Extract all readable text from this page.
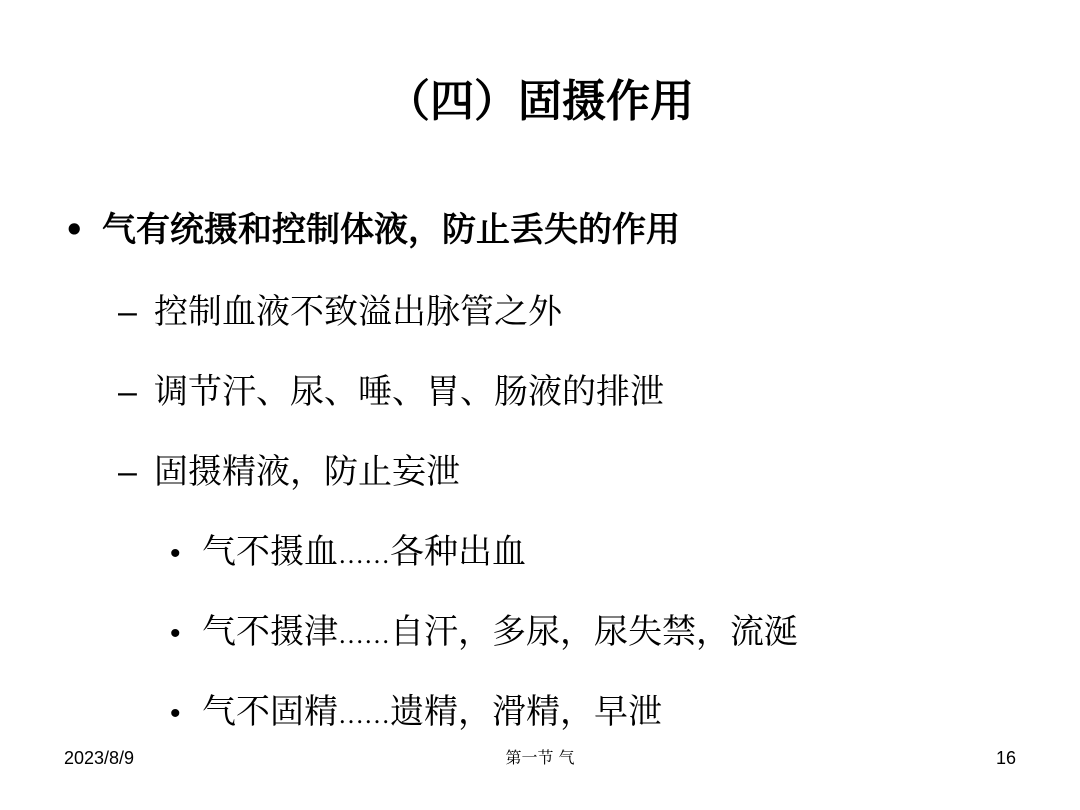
（四）固摄作用
• 气有统摄和控制体液，防止丢失的作用
– 控制血液不致溢出脉管之外
– 调节汗、尿、唾、胃、肠液的排泄
– 固摄精液，防止妄泄
• 气不摄血……各种出血
• 气不摄津……自汗，多尿，尿失禁，流涎
• 气不固精……遗精，滑精，早泄
2023/8/9	第一节 气	16
